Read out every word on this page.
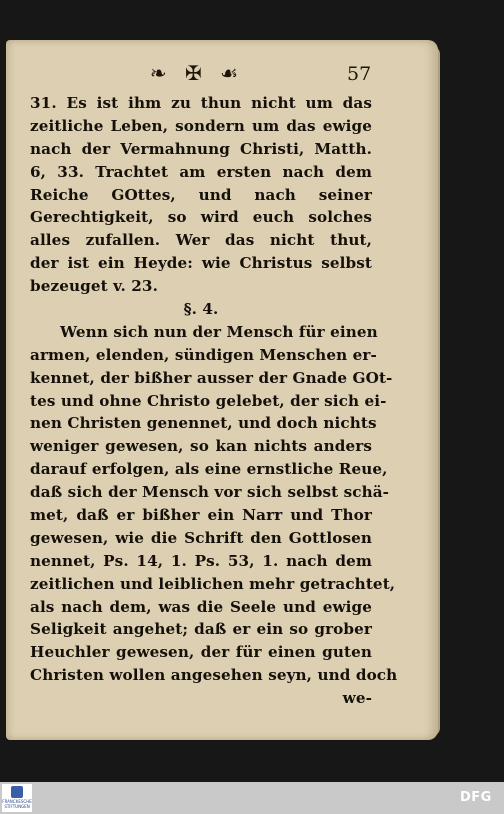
❧ ✠ ☙	57
31. Es ist ihm zu thun nicht um das
zeitliche Leben, sondern um das ewige
nach der Vermahnung Christi, Matth.
6, 33. Trachtet am ersten nach dem
Reiche GOttes, und nach seiner
Gerechtigkeit, so wird euch solches
alles zufallen. Wer das nicht thut,
der ist ein Heyde: wie Christus selbst
bezeuget v. 23.
§. 4.
Wenn sich nun der Mensch für einen
armen, elenden, sündigen Menschen er-
kennet, der bißher ausser der Gnade GOt-
tes und ohne Christo gelebet, der sich ei-
nen Christen genennet, und doch nichts
weniger gewesen, so kan nichts anders
darauf erfolgen, als eine ernstliche Reue,
daß sich der Mensch vor sich selbst schä-
met, daß er bißher ein Narr und Thor
gewesen, wie die Schrift den Gottlosen
nennet, Ps. 14, 1. Ps. 53, 1. nach dem
zeitlichen und leiblichen mehr getrachtet,
als nach dem, was die Seele und ewige
Seligkeit angehet; daß er ein so grober
Heuchler gewesen, der für einen guten
Christen wollen angesehen seyn, und doch
we-
FRANCKESCHE STIFTUNGEN
DFG
